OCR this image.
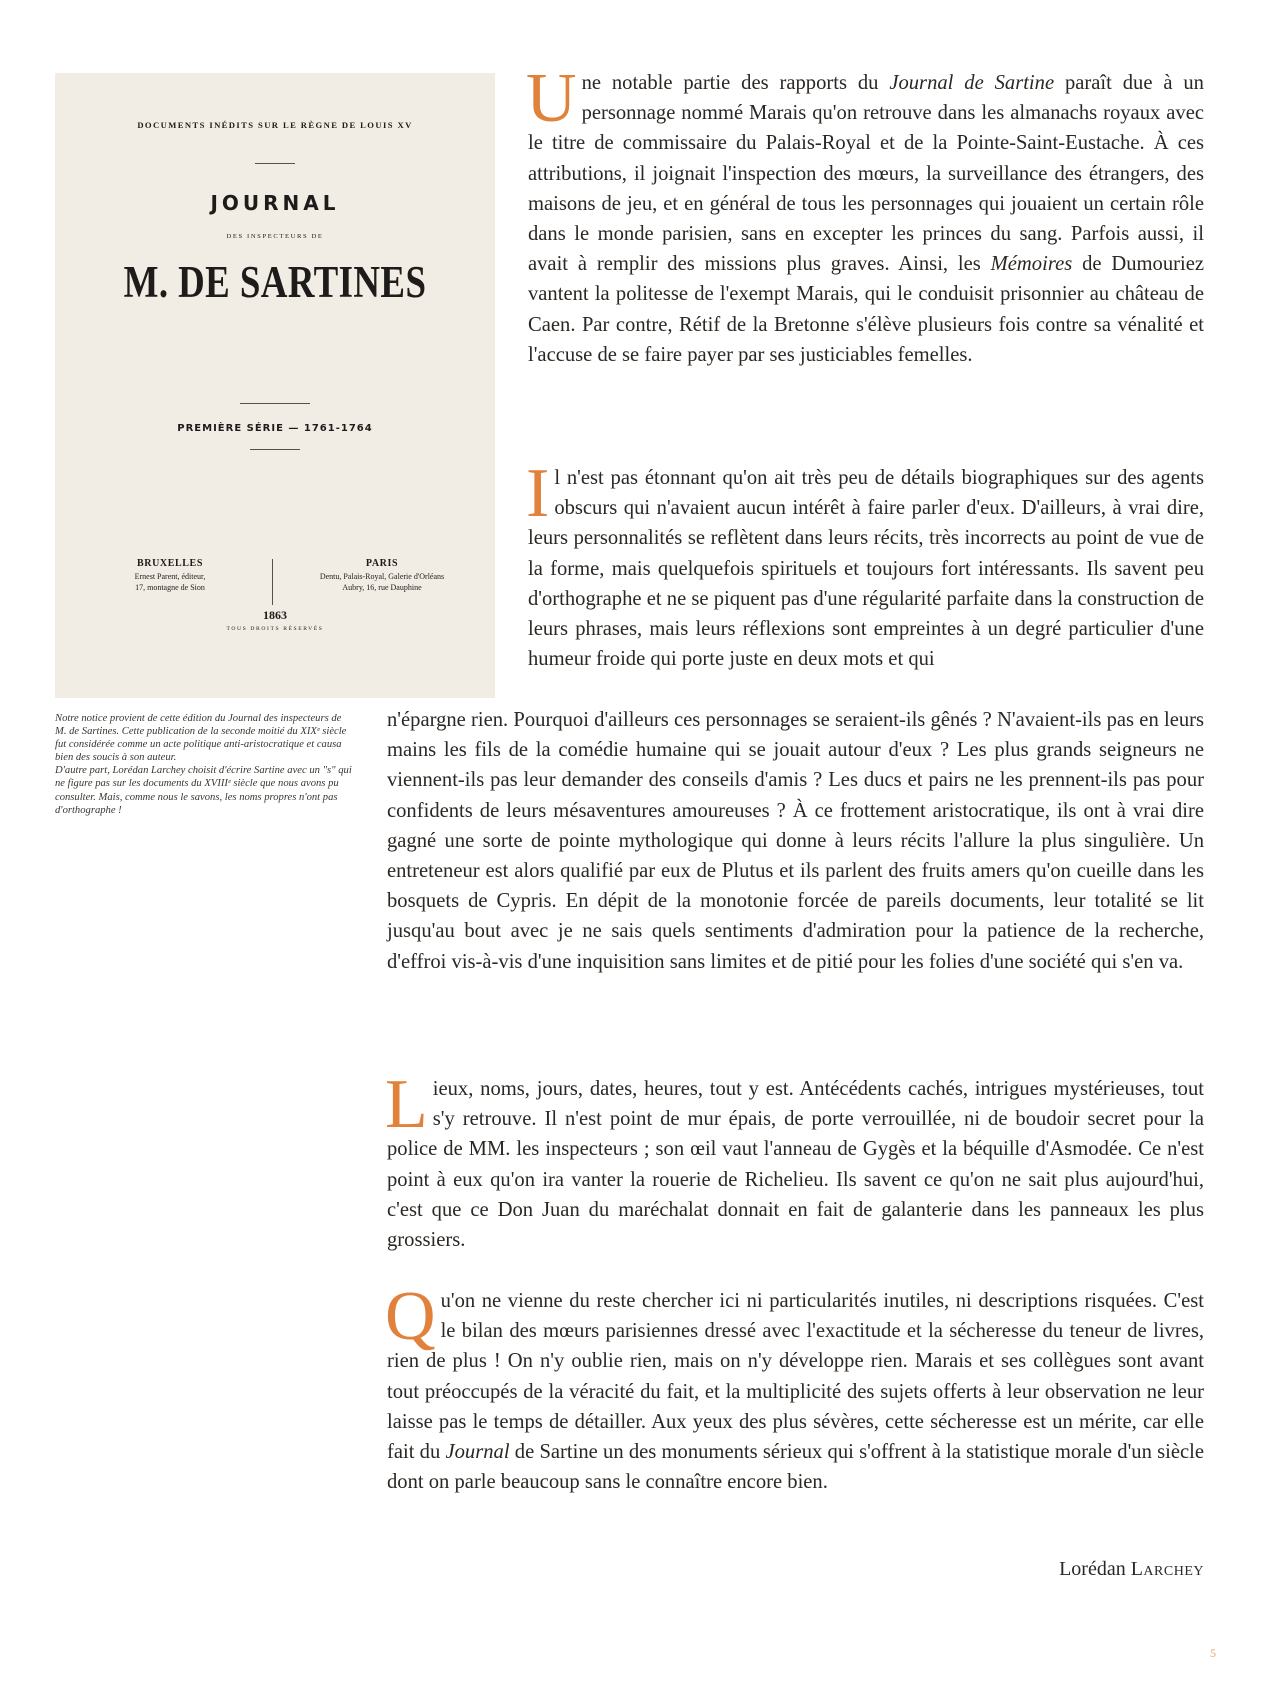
DOCUMENTS INÉDITS SUR LE RÈGNE DE LOUIS XV
JOURNAL
DES INSPECTEURS DE
M. DE SARTINES
PREMIÈRE SÉRIE — 1761-1764
BRUXELLES
Ernest Parent, éditeur,
17, montagne de Sion
PARIS
Dentu, Palais-Royal, Galerie d'Orléans
Aubry, 16, rue Dauphine
1863
TOUS DROITS RÉSERVÉS

Notre notice provient de cette édition du Journal des inspecteurs de M. de Sartines. Cette publication de la seconde moitié du XIXᵉ siècle fut considérée comme un acte politique anti-aristocratique et causa bien des soucis à son auteur.

D'autre part, Lorédan Larchey choisit d'écrire Sartine avec un "s" qui ne figure pas sur les documents du XVIIIᵉ siècle que nous avons pu consulter. Mais, comme nous le savons, les noms propres n'ont pas d'orthographe !

Une notable partie des rapports du Journal de Sartine paraît due à un personnage nommé Marais qu'on retrouve dans les almanachs royaux avec le titre de commissaire du Palais-Royal et de la Pointe-Saint-Eustache. À ces attributions, il joignait l'inspection des mœurs, la surveillance des étrangers, des maisons de jeu, et en général de tous les personnages qui jouaient un certain rôle dans le monde parisien, sans en excepter les princes du sang. Parfois aussi, il avait à remplir des missions plus graves. Ainsi, les Mémoires de Dumouriez vantent la politesse de l'exempt Marais, qui le conduisit prisonnier au château de Caen. Par contre, Rétif de la Bretonne s'élève plusieurs fois contre sa vénalité et l'accuse de se faire payer par ses justiciables femelles.

Il n'est pas étonnant qu'on ait très peu de détails biographiques sur des agents obscurs qui n'avaient aucun intérêt à faire parler d'eux. D'ailleurs, à vrai dire, leurs personnalités se reflètent dans leurs récits, très incorrects au point de vue de la forme, mais quelquefois spirituels et toujours fort intéressants. Ils savent peu d'orthographe et ne se piquent pas d'une régularité parfaite dans la construction de leurs phrases, mais leurs réflexions sont empreintes à un degré particulier d'une humeur froide qui porte juste en deux mots et qui

n'épargne rien. Pourquoi d'ailleurs ces personnages se seraient-ils gênés ? N'avaient-ils pas en leurs mains les fils de la comédie humaine qui se jouait autour d'eux ? Les plus grands seigneurs ne viennent-ils pas leur demander des conseils d'amis ? Les ducs et pairs ne les prennent-ils pas pour confidents de leurs mésaventures amoureuses ? À ce frottement aristocratique, ils ont à vrai dire gagné une sorte de pointe mythologique qui donne à leurs récits l'allure la plus singulière. Un entreteneur est alors qualifié par eux de Plutus et ils parlent des fruits amers qu'on cueille dans les bosquets de Cypris. En dépit de la monotonie forcée de pareils documents, leur totalité se lit jusqu'au bout avec je ne sais quels sentiments d'admiration pour la patience de la recherche, d'effroi vis-à-vis d'une inquisition sans limites et de pitié pour les folies d'une société qui s'en va.

Lieux, noms, jours, dates, heures, tout y est. Antécédents cachés, intrigues mystérieuses, tout s'y retrouve. Il n'est point de mur épais, de porte verrouillée, ni de boudoir secret pour la police de MM. les inspecteurs ; son œil vaut l'anneau de Gygès et la béquille d'Asmodée. Ce n'est point à eux qu'on ira vanter la rouerie de Richelieu. Ils savent ce qu'on ne sait plus aujourd'hui, c'est que ce Don Juan du maréchalat donnait en fait de galanterie dans les panneaux les plus grossiers.

Qu'on ne vienne du reste chercher ici ni particularités inutiles, ni descriptions risquées. C'est le bilan des mœurs parisiennes dressé avec l'exactitude et la sécheresse du teneur de livres, rien de plus ! On n'y oublie rien, mais on n'y développe rien. Marais et ses collègues sont avant tout préoccupés de la véracité du fait, et la multiplicité des sujets offerts à leur observation ne leur laisse pas le temps de détailler. Aux yeux des plus sévères, cette sécheresse est un mérite, car elle fait du Journal de Sartine un des monuments sérieux qui s'offrent à la statistique morale d'un siècle dont on parle beaucoup sans le connaître encore bien.

Lorédan Larchey
5
